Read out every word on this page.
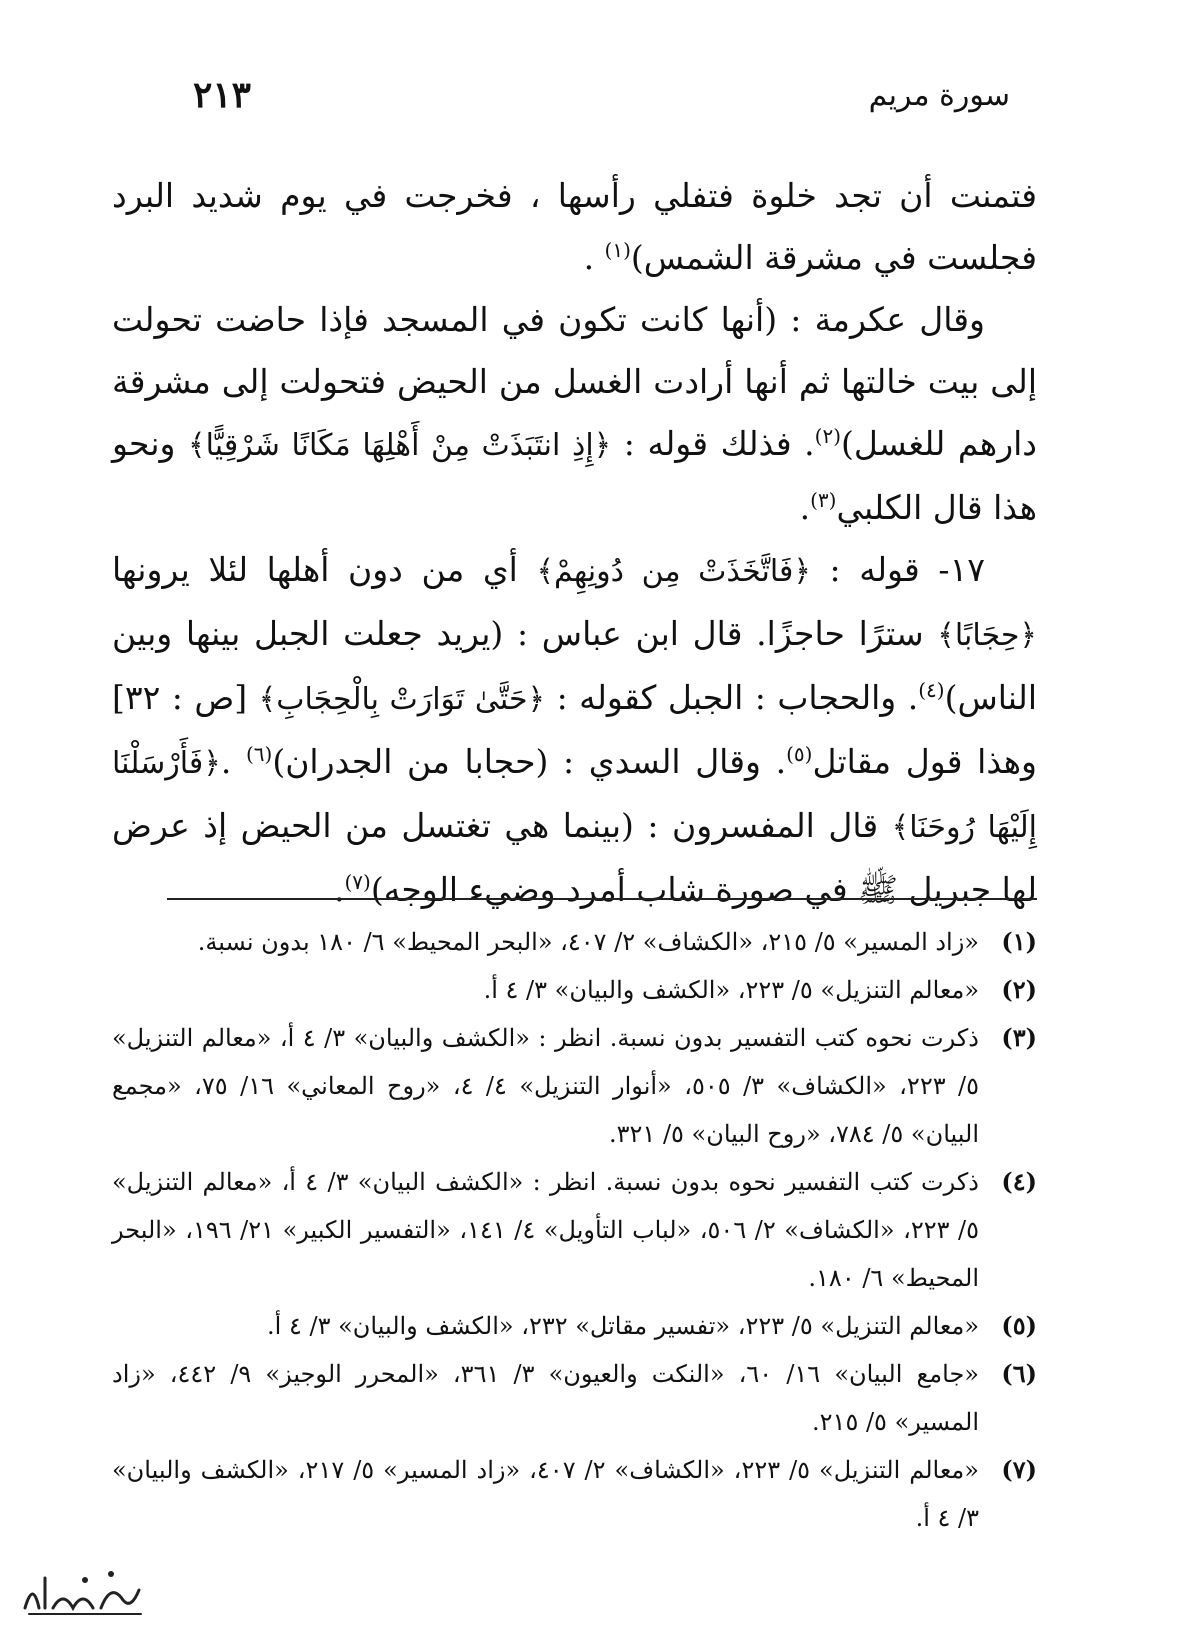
سورة مريم
٢١٣

فتمنت أن تجد خلوة فتفلي رأسها ، فخرجت في يوم شديد البرد فجلست في مشرقة الشمس)$^{(١)}$ .

وقال عكرمة : (أنها كانت تكون في المسجد فإذا حاضت تحولت إلى بيت خالتها ثم أنها أرادت الغسل من الحيض فتحولت إلى مشرقة دارهم للغسل)$^{(٢)}$. فذلك قوله : ﴿إِذِ انتَبَذَتْ مِنْ أَهْلِهَا مَكَانًا شَرْقِيًّا﴾ ونحو هذا قال الكلبي$^{(٣)}$.

١٧- قوله : ﴿فَاتَّخَذَتْ مِن دُونِهِمْ﴾ أي من دون أهلها لئلا يرونها ﴿حِجَابًا﴾ سترًا حاجزًا. قال ابن عباس : (يريد جعلت الجبل بينها وبين الناس)$^{(٤)}$. والحجاب : الجبل كقوله : ﴿حَتَّىٰ تَوَارَتْ بِالْحِجَابِ﴾ [ص : ٣٢] وهذا قول مقاتل$^{(٥)}$. وقال السدي : (حجابا من الجدران)$^{(٦)}$ .﴿فَأَرْسَلْنَا إِلَيْهَا رُوحَنَا﴾ قال المفسرون : (بينما هي تغتسل من الحيض إذ عرض لها جبريل ﷺ في صورة شاب أمرد وضيء الوجه)$^{(٧)}$.

(١)
«زاد المسير» ٥/ ٢١٥، «الكشاف» ٢/ ٤٠٧، «البحر المحيط» ٦/ ١٨٠ بدون نسبة.
(٢)
«معالم التنزيل» ٥/ ٢٢٣، «الكشف والبيان» ٣/ ٤ أ.
(٣)
ذكرت نحوه كتب التفسير بدون نسبة. انظر : «الكشف والبيان» ٣/ ٤ أ، «معالم التنزيل» ٥/ ٢٢٣، «الكشاف» ٣/ ٥٠٥، «أنوار التنزيل» ٤/ ٤، «روح المعاني» ١٦/ ٧٥، «مجمع البيان» ٥/ ٧٨٤، «روح البيان» ٥/ ٣٢١.
(٤)
ذكرت كتب التفسير نحوه بدون نسبة. انظر : «الكشف البيان» ٣/ ٤ أ، «معالم التنزيل» ٥/ ٢٢٣، «الكشاف» ٢/ ٥٠٦، «لباب التأويل» ٤/ ١٤١، «التفسير الكبير» ٢١/ ١٩٦، «البحر المحيط» ٦/ ١٨٠.
(٥)
«معالم التنزيل» ٥/ ٢٢٣، «تفسير مقاتل» ٢٣٢، «الكشف والبيان» ٣/ ٤ أ.
(٦)
«جامع البيان» ١٦/ ٦٠، «النكت والعيون» ٣/ ٣٦١، «المحرر الوجيز» ٩/ ٤٤٢، «زاد المسير» ٥/ ٢١٥.
(٧)
«معالم التنزيل» ٥/ ٢٢٣، «الكشاف» ٢/ ٤٠٧، «زاد المسير» ٥/ ٢١٧، «الكشف والبيان» ٣/ ٤ أ.
